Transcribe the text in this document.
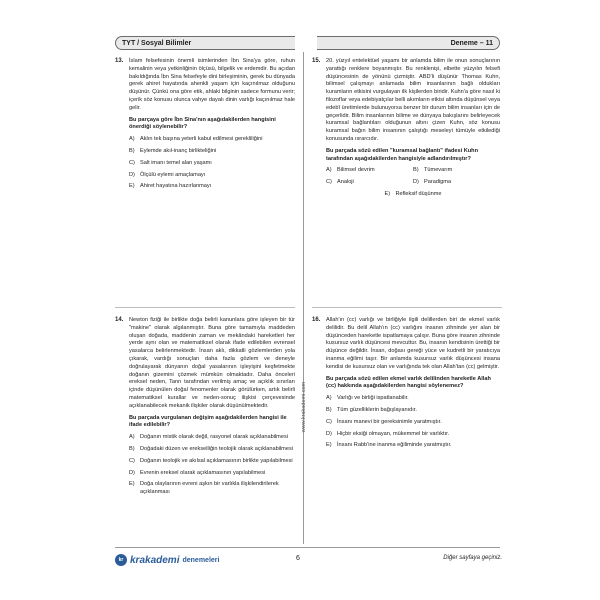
TYT / Sosyal Bilimler	Deneme – 11
www.krakademi.com
13. İslam felsefesinin önemli isimlerinden İbn Sina'ya göre, ruhun kemalinin veya yetkinliğinin ölçüsü, bilgelik ve erdemdir. Bu açıdan bakıldığında İbn Sina felsefeyle dini birleşiminin, gerek bu dünyada gerek ahiret hayatında ahenkli yaşam için kaçınılmaz olduğunu düşünür. Çünkü ona göre etik, ahlaki bilginin sadece formunu verir; içerik söz konusu olunca vahye dayalı dinin varlığı kaçınılmaz hale gelir.
Bu parçaya göre İbn Sina'nın aşağıdakilerden hangisini önerdiği söylenebilir?
A) Aklın tek başına yeterli kabul edilmesi gerekliliğini
B) Eylemde akıl-inanç birlikteliğini
C) Salt imanı temel alan yaşamı
D) Ölçülü eylemi amaçlamayı
E) Ahiret hayatına hazırlanmayı
15. 20. yüzyıl entelektüel yaşamı bir anlamda bilim ile onun sonuçlarının yarattığı renklere boyanmıştır. Bu renklenişi, elbette yüzyılın felsefi düşüncesinin de yönünü çizmiştir. ABD'li düşünür Thomas Kuhn, bilimsel çalışmayı anlamada bilim insanlarının bağlı oldukları kuramların etkisini vurgulayan ilk kişilerden biridir. Kuhn'a göre nasıl ki filozoflar veya edebiyatçılar belli akımların etkisi altında düşünsel veya edebî üretimlerde bulunuyorsa benzer bir durum bilim insanları için de geçerlidir. Bilim insanlarının bilime ve dünyaya bakışlarını belirleyecek kuramsal bağlantıları olduğunun altını çizen Kuhn, söz konusu kuramsal bağın bilim insanının çalıştığı meseleyi tümüyle etkilediği konusunda ısrarcıdır.
Bu parçada sözü edilen "kuramsal bağlantı" ifadesi Kuhn tarafından aşağıdakilerden hangisiyle adlandırılmıştır?
A) Bilimsel devrim	B) Tümevarım
C) Analoji	D) Paradigma
E) Refleksif düşünme
14. Newton fiziği ile birlikte doğa belirli kanunlara göre işleyen bir tür "makine" olarak algılanmıştır. Buna göre tamamıyla maddeden oluşan doğada, maddenin zaman ve mekândaki hareketleri her yerde aynı olan ve matematiksel olarak ifade edilebilen evrensel yasalarca belirlenmektedir. İnsan aklı, dikkatli gözlemlerden yola çıkarak, vardığı sonuçları daha fazla gözlem ve deneyle doğrulayarak dünyanın doğal yasalarının işleyişini keşfetmekte doğanın gizemini çözmek mümkün olmaktadır. Daha önceleri ereksel neden, Tanrı tarafından verilmiş amaç ve açıklık sınırları içinde düşünülen doğal fenomenler olarak görülürken, artık belirli matematiksel kurallar ve neden-sonuç ilişkisi çerçevesinde açıklanabilecek mekanik ilişkiler olarak düşünülmektedir.
Bu parçada vurgulanan değişim aşağıdakilerden hangisi ile ifade edilebilir?
A) Doğanın mistik olarak değil, rasyonel olarak açıklanabilmesi
B) Doğadaki düzen ve erekselliğin teolojik olarak açıklanabilmesi
C) Doğanın teolojik ve akılsal açıklamasının birlikte yapılabilmesi
D) Evrenin ereksel olarak açıklamasının yapılabilmesi
E) Doğa olaylarının evreni aşkın bir varlıkla ilişkilendirilerek açıklanması
16. Allah'ın (cc) varlığı ve birliğiyle ilgili delillerden biri de ekmel varlık delilidir. Bu delil Allah'ın (cc) varlığını insanın zihninde yer alan bir düşünceden hareketle ispatlamaya çalışır. Buna göre insanın zihninde kusursuz varlık düşüncesi mevcuttur. Bu, insanın kendisinin ürettiği bir düşünce değildir. İnsan, doğası gereği yüce ve kudretli bir yaratıcıya inanma eğilimi taşır. Bir anlamda kusursuz varlık düşüncesi insana kendisi de kusursuz olan ve varlığında tek olan Allah'tan (cc) gelmiştir.
Bu parçada sözü edilen ekmel varlık delilinden hareketle Allah (cc) hakkında aşağıdakilerden hangisi söylenemez?
A) Varlığı ve birliği ispatlanabilir.
B) Tüm güzelliklerin bağışlayanıdır.
C) İnsanı manevi bir gereksinimle yaratmıştır.
D) Hiçbir eksiği olmayan, mükemmel bir varlıktır.
E) İnsanı Rabb'ine inanma eğiliminde yaratmıştır.
kr krakademi denemeleri	6	Diğer sayfaya geçiniz.
